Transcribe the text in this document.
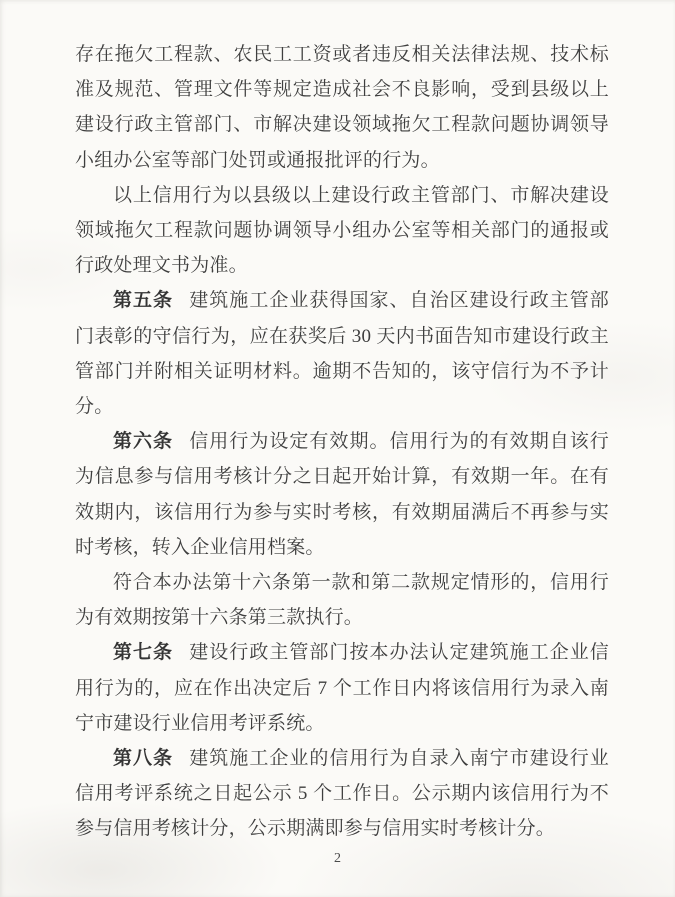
存在拖欠工程款、农民工工资或者违反相关法律法规、技术标准及规范、管理文件等规定造成社会不良影响，受到县级以上建设行政主管部门、市解决建设领域拖欠工程款问题协调领导小组办公室等部门处罚或通报批评的行为。

以上信用行为以县级以上建设行政主管部门、市解决建设领域拖欠工程款问题协调领导小组办公室等相关部门的通报或行政处理文书为准。

第五条 建筑施工企业获得国家、自治区建设行政主管部门表彰的守信行为，应在获奖后 30 天内书面告知市建设行政主管部门并附相关证明材料。逾期不告知的，该守信行为不予计分。

第六条 信用行为设定有效期。信用行为的有效期自该行为信息参与信用考核计分之日起开始计算，有效期一年。在有效期内，该信用行为参与实时考核，有效期届满后不再参与实时考核，转入企业信用档案。

符合本办法第十六条第一款和第二款规定情形的，信用行为有效期按第十六条第三款执行。

第七条 建设行政主管部门按本办法认定建筑施工企业信用行为的，应在作出决定后 7 个工作日内将该信用行为录入南宁市建设行业信用考评系统。

第八条 建筑施工企业的信用行为自录入南宁市建设行业信用考评系统之日起公示 5 个工作日。公示期内该信用行为不参与信用考核计分，公示期满即参与信用实时考核计分。

2
